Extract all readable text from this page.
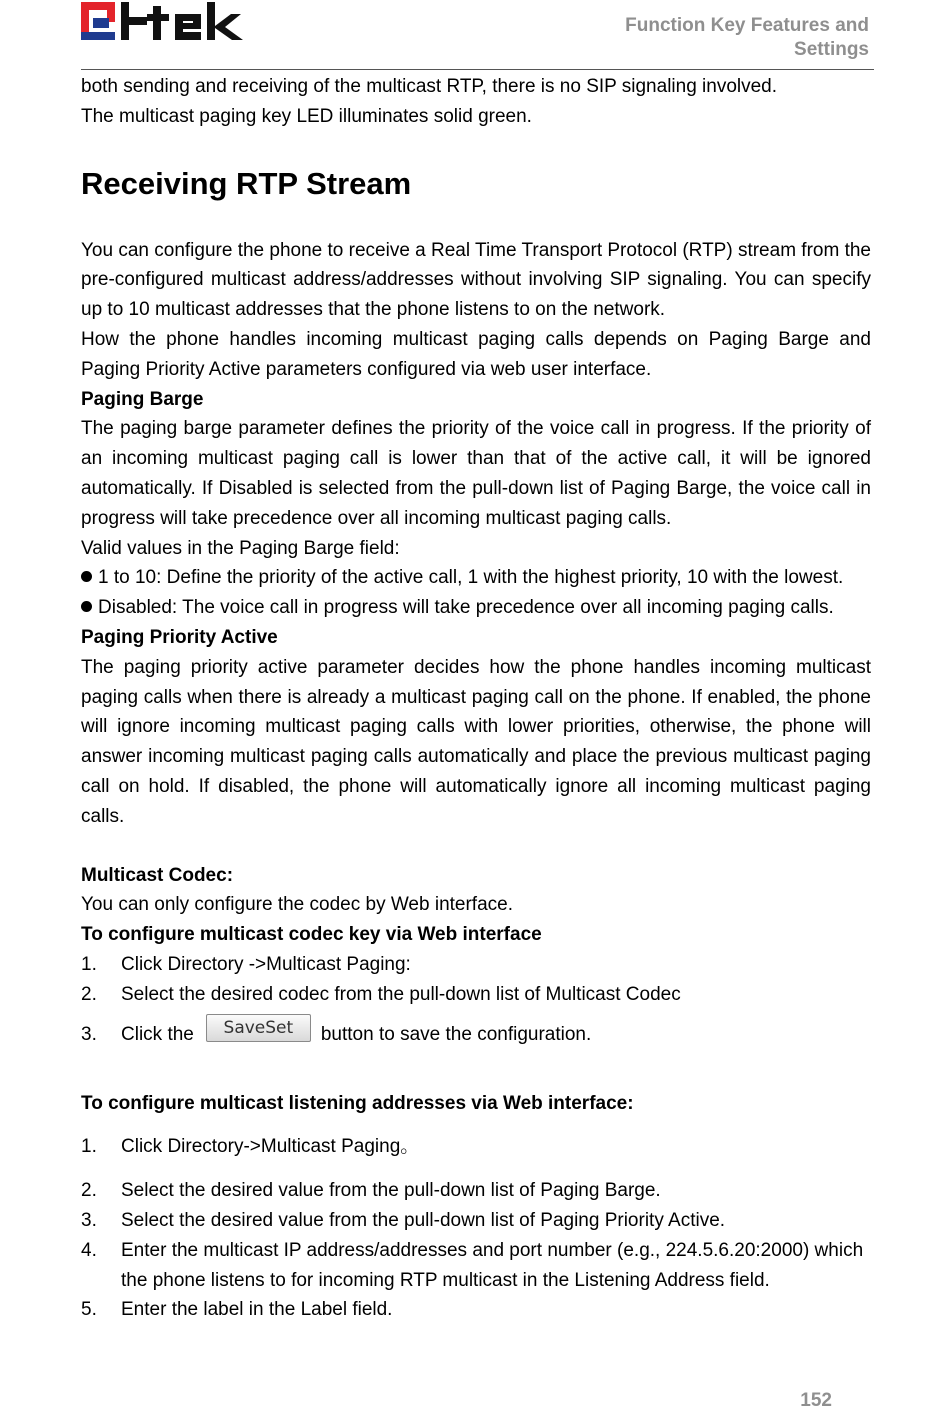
Function Key Features and Settings

both sending and receiving of the multicast RTP, there is no SIP signaling involved.

The multicast paging key LED illuminates solid green.

Receiving RTP Stream

You can configure the phone to receive a Real Time Transport Protocol (RTP) stream from the pre-configured multicast address/addresses without involving SIP signaling. You can specify up to 10 multicast addresses that the phone listens to on the network.

How the phone handles incoming multicast paging calls depends on Paging Barge and Paging Priority Active parameters configured via web user interface.

Paging Barge

The paging barge parameter defines the priority of the voice call in progress. If the priority of an incoming multicast paging call is lower than that of the active call, it will be ignored automatically. If Disabled is selected from the pull-down list of Paging Barge, the voice call in progress will take precedence over all incoming multicast paging calls.

Valid values in the Paging Barge field:

1 to 10: Define the priority of the active call, 1 with the highest priority, 10 with the lowest.

Disabled: The voice call in progress will take precedence over all incoming paging calls.

Paging Priority Active

The paging priority active parameter decides how the phone handles incoming multicast paging calls when there is already a multicast paging call on the phone. If enabled, the phone will ignore incoming multicast paging calls with lower priorities, otherwise, the phone will answer incoming multicast paging calls automatically and place the previous multicast paging call on hold. If disabled, the phone will automatically ignore all incoming multicast paging calls.

Multicast Codec:

You can only configure the codec by Web interface.

To configure multicast codec key via Web interface

1.	Click Directory ->Multicast Paging:
2.	Select the desired codec from the pull-down list of Multicast Codec
3.	Click the	SaveSet	button to save the configuration.

To configure multicast listening addresses via Web interface:

1.	Click Directory->Multicast Paging。
2.	Select the desired value from the pull-down list of Paging Barge.
3.	Select the desired value from the pull-down list of Paging Priority Active.
4.	Enter the multicast IP address/addresses and port number (e.g., 224.5.6.20:2000) which the phone listens to for incoming RTP multicast in the Listening Address field.
5.	Enter the label in the Label field.
152
